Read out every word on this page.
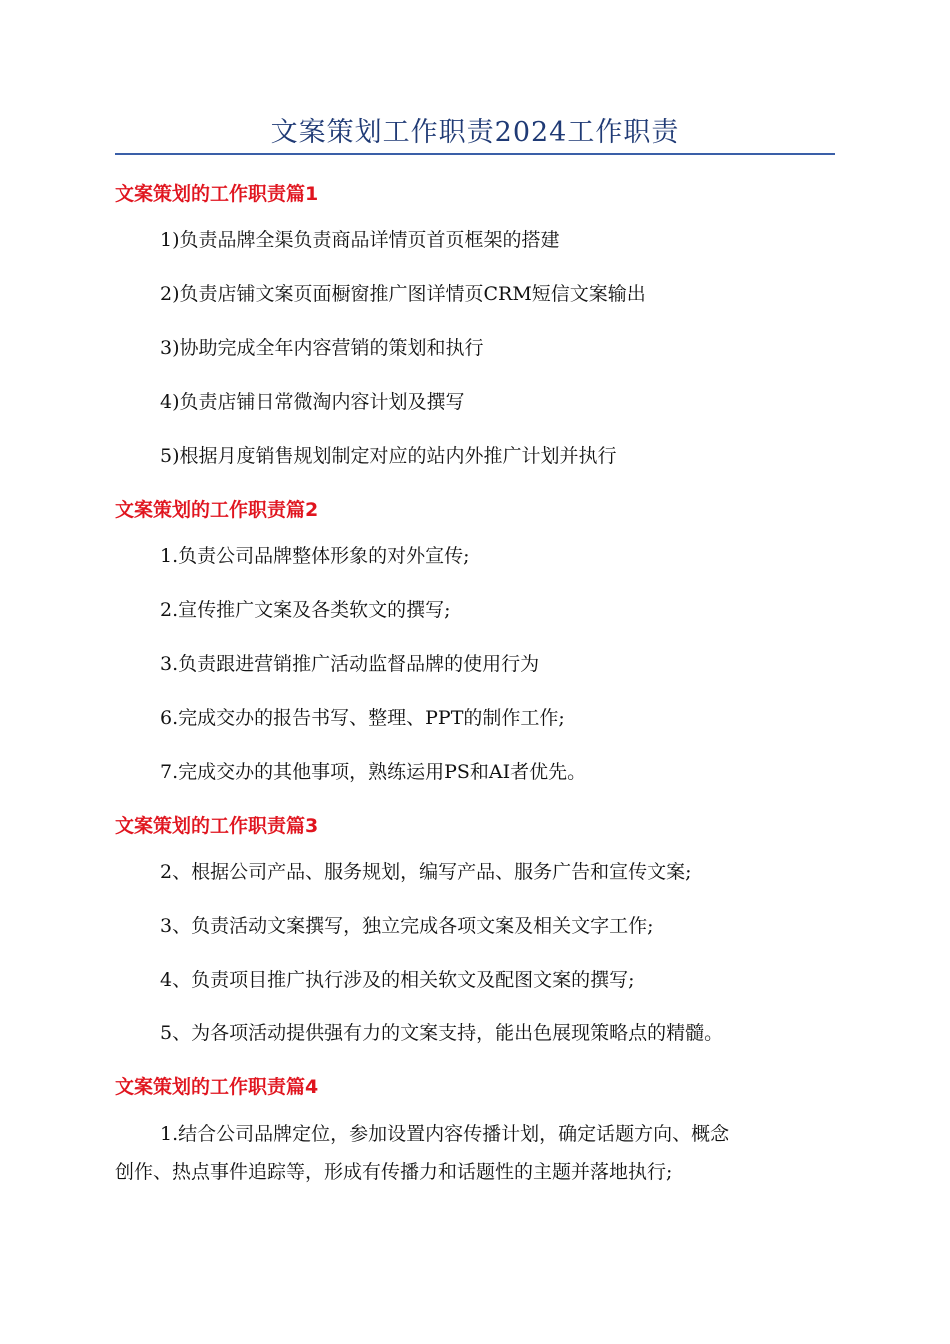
文案策划工作职责2024工作职责
文案策划的工作职责篇1
1)负责品牌全渠负责商品详情页首页框架的搭建
2)负责店铺文案页面橱窗推广图详情页CRM短信文案输出
3)协助完成全年内容营销的策划和执行
4)负责店铺日常微淘内容计划及撰写
5)根据月度销售规划制定对应的站内外推广计划并执行
文案策划的工作职责篇2
1.负责公司品牌整体形象的对外宣传;
2.宣传推广文案及各类软文的撰写;
3.负责跟进营销推广活动监督品牌的使用行为
6.完成交办的报告书写、整理、PPT的制作工作;
7.完成交办的其他事项，熟练运用PS和AI者优先。
文案策划的工作职责篇3
2、根据公司产品、服务规划，编写产品、服务广告和宣传文案;
3、负责活动文案撰写，独立完成各项文案及相关文字工作;
4、负责项目推广执行涉及的相关软文及配图文案的撰写;
5、为各项活动提供强有力的文案支持，能出色展现策略点的精髓。
文案策划的工作职责篇4
1.结合公司品牌定位，参加设置内容传播计划，确定话题方向、概念
创作、热点事件追踪等，形成有传播力和话题性的主题并落地执行;
